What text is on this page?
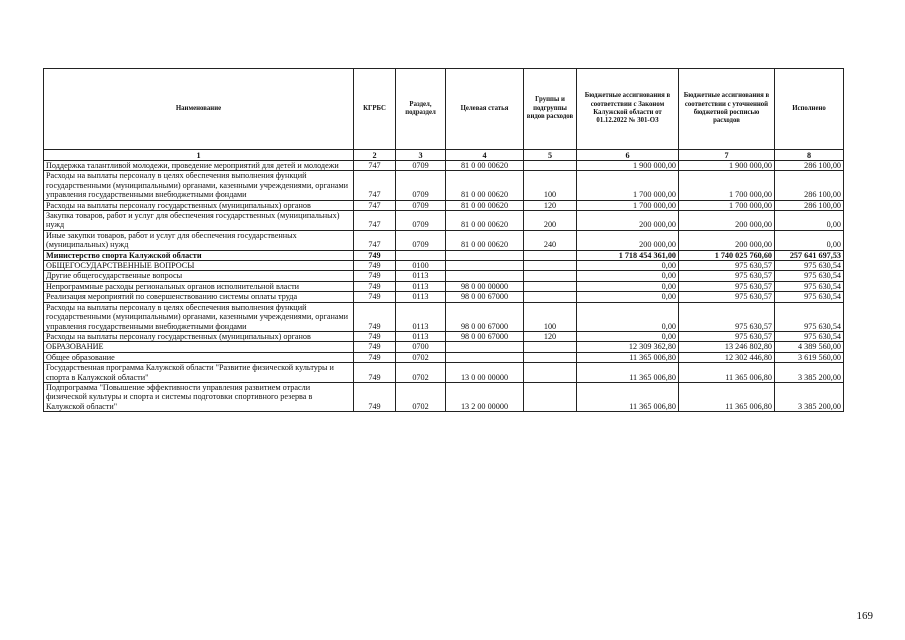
Наименование	КГРБС	Раздел, подраздел	Целевая статья	Группы и подгруппы видов расходов	Бюджетные ассигнования в соответствии с Законом Калужской области от 01.12.2022 № 301-ОЗ	Бюджетные ассигнования в соответствии с уточненной бюджетной росписью расходов	Исполнено
1	2	3	4	5	6	7	8
Поддержка талантливой молодежи, проведение мероприятий для детей и молодежи	747	0709	81 0 00 00620		1 900 000,00	1 900 000,00	286 100,00
Расходы на выплаты персоналу в целях обеспечения выполнения функций государственными (муниципальными) органами, казенными учреждениями, органами управления государственными внебюджетными фондами	747	0709	81 0 00 00620	100	1 700 000,00	1 700 000,00	286 100,00
Расходы на выплаты персоналу государственных (муниципальных) органов	747	0709	81 0 00 00620	120	1 700 000,00	1 700 000,00	286 100,00
Закупка товаров, работ и услуг для обеспечения государственных (муниципальных) нужд	747	0709	81 0 00 00620	200	200 000,00	200 000,00	0,00
Иные закупки товаров, работ и услуг для обеспечения государственных (муниципальных) нужд	747	0709	81 0 00 00620	240	200 000,00	200 000,00	0,00
Министерство спорта Калужской области	749				1 718 454 361,00	1 740 025 760,60	257 641 697,53
ОБЩЕГОСУДАРСТВЕННЫЕ ВОПРОСЫ	749	0100			0,00	975 630,57	975 630,54
Другие общегосударственные вопросы	749	0113			0,00	975 630,57	975 630,54
Непрограммные расходы региональных органов исполнительной власти	749	0113	98 0 00 00000		0,00	975 630,57	975 630,54
Реализация мероприятий по совершенствованию системы оплаты труда	749	0113	98 0 00 67000		0,00	975 630,57	975 630,54
Расходы на выплаты персоналу в целях обеспечения выполнения функций государственными (муниципальными) органами, казенными учреждениями, органами управления государственными внебюджетными фондами	749	0113	98 0 00 67000	100	0,00	975 630,57	975 630,54
Расходы на выплаты персоналу государственных (муниципальных) органов	749	0113	98 0 00 67000	120	0,00	975 630,57	975 630,54
ОБРАЗОВАНИЕ	749	0700			12 309 362,80	13 246 802,80	4 389 560,00
Общее образование	749	0702			11 365 006,80	12 302 446,80	3 619 560,00
Государственная программа Калужской области "Развитие физической культуры и спорта в Калужской области"	749	0702	13 0 00 00000		11 365 006,80	11 365 006,80	3 385 200,00
Подпрограмма "Повышение эффективности управления развитием отрасли физической культуры и спорта и системы подготовки спортивного резерва в Калужской области"	749	0702	13 2 00 00000		11 365 006,80	11 365 006,80	3 385 200,00
169
